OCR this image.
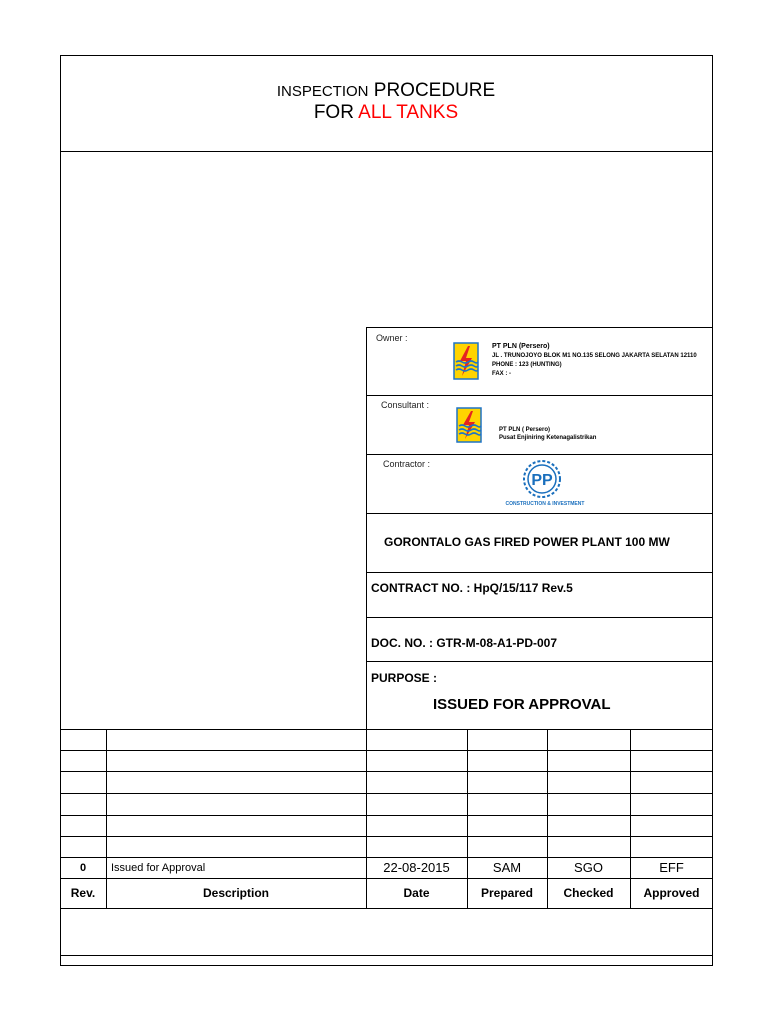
INSPECTION PROCEDURE
FOR ALL TANKS
Owner :
PT PLN (Persero)
JL . TRUNOJOYO BLOK M1 NO.135 SELONG JAKARTA SELATAN 12110
PHONE : 123 (HUNTING)
FAX : -
Consultant :
PT PLN ( Persero)
Pusat Enjiniring Ketenagalistrikan
Contractor :
PP
CONSTRUCTION & INVESTMENT
GORONTALO GAS FIRED POWER PLANT 100 MW
CONTRACT NO. : HpQ/15/117 Rev.5
DOC. NO. : GTR-M-08-A1-PD-007
PURPOSE :
ISSUED FOR APPROVAL
0	Issued for Approval	22-08-2015	SAM	SGO	EFF
Rev.	Description	Date	Prepared	Checked	Approved
